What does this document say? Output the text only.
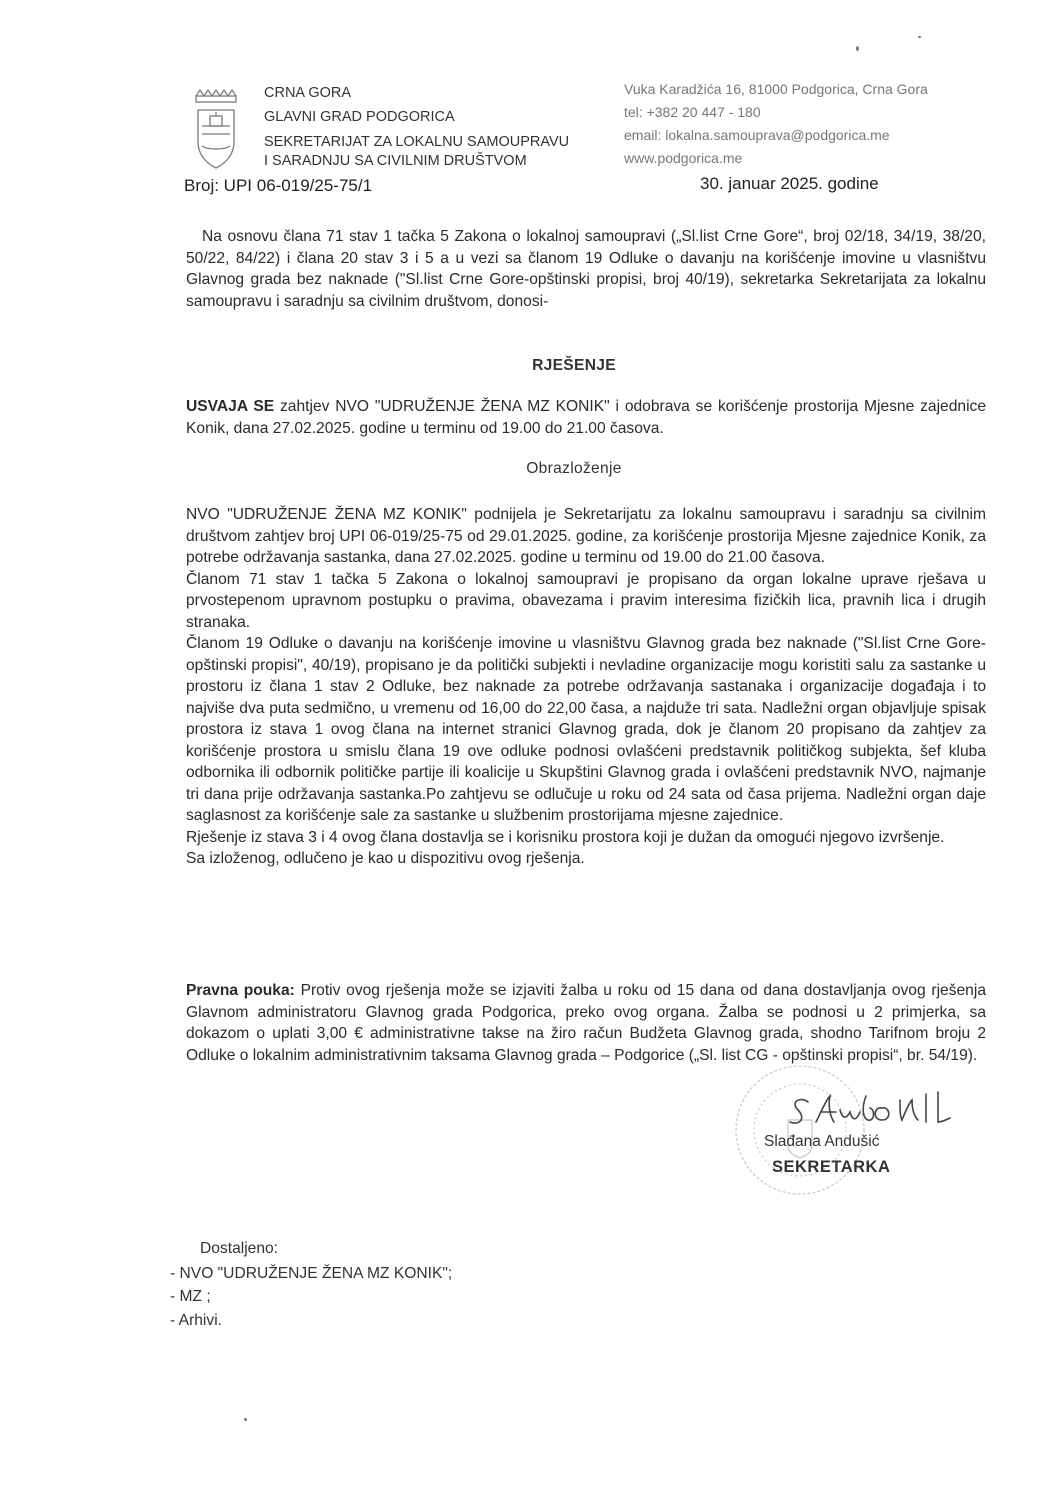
CRNA GORA
GLAVNI GRAD PODGORICA
SEKRETARIJAT ZA LOKALNU SAMOUPRAVU
I SARADNJU SA CIVILNIM DRUŠTVOM
Vuka Karadžića 16, 81000 Podgorica, Crna Gora
tel: +382 20 447 - 180
email: lokalna.samouprava@podgorica.me
www.podgorica.me
Broj: UPI 06-019/25-75/1	30. januar 2025. godine
Na osnovu člana 71 stav 1 tačka 5 Zakona o lokalnoj samoupravi („Sl.list Crne Gore“, broj 02/18, 34/19, 38/20, 50/22, 84/22) i člana 20 stav 3 i 5 a u vezi sa članom 19 Odluke o davanju na korišćenje imovine u vlasništvu Glavnog grada bez naknade ("Sl.list Crne Gore-opštinski propisi, broj 40/19), sekretarka Sekretarijata za lokalnu samoupravu i saradnju sa civilnim društvom, donosi-
RJEŠENJE
USVAJA SE zahtjev NVO "UDRUŽENJE ŽENA MZ KONIK" i odobrava se korišćenje prostorija Mjesne zajednice Konik, dana 27.02.2025. godine u terminu od 19.00 do 21.00 časova.
Obrazloženje
NVO "UDRUŽENJE ŽENA MZ KONIK" podnijela je Sekretarijatu za lokalnu samoupravu i saradnju sa civilnim društvom zahtjev broj UPI 06-019/25-75 od 29.01.2025. godine, za korišćenje prostorija Mjesne zajednice Konik, za potrebe održavanja sastanka, dana 27.02.2025. godine u terminu od 19.00 do 21.00 časova.
Članom 71 stav 1 tačka 5 Zakona o lokalnoj samoupravi je propisano da organ lokalne uprave rješava u prvostepenom upravnom postupku o pravima, obavezama i pravim interesima fizičkih lica, pravnih lica i drugih stranaka.
Članom 19 Odluke o davanju na korišćenje imovine u vlasništvu Glavnog grada bez naknade ("Sl.list Crne Gore-opštinski propisi", 40/19), propisano je da politički subjekti i nevladine organizacije mogu koristiti salu za sastanke u prostoru iz člana 1 stav 2 Odluke, bez naknade za potrebe održavanja sastanaka i organizacije događaja i to najviše dva puta sedmično, u vremenu od 16,00 do 22,00 časa, a najduže tri sata. Nadležni organ objavljuje spisak prostora iz stava 1 ovog člana na internet stranici Glavnog grada, dok je članom 20 propisano da zahtjev za korišćenje prostora u smislu člana 19 ove odluke podnosi ovlašćeni predstavnik političkog subjekta, šef kluba odbornika ili odbornik političke partije ili koalicije u Skupštini Glavnog grada i ovlašćeni predstavnik NVO, najmanje tri dana prije održavanja sastanka.Po zahtjevu se odlučuje u roku od 24 sata od časa prijema. Nadležni organ daje saglasnost za korišćenje sale za sastanke u službenim prostorijama mjesne zajednice.
Rješenje iz stava 3 i 4 ovog člana dostavlja se i korisniku prostora koji je dužan da omogući njegovo izvršenje.
Sa izloženog, odlučeno je kao u dispozitivu ovog rješenja.
Pravna pouka: Protiv ovog rješenja može se izjaviti žalba u roku od 15 dana od dana dostavljanja ovog rješenja Glavnom administratoru Glavnog grada Podgorica, preko ovog organa. Žalba se podnosi u 2 primjerka, sa dokazom o uplati 3,00 € administrativne takse na žiro račun Budžeta Glavnog grada, shodno Tarifnom broju 2 Odluke o lokalnim administrativnim taksama Glavnog grada – Podgorice („Sl. list CG - opštinski propisi“, br. 54/19).
Slađana Andušić
SEKRETARKA
Dostaljeno:
- NVO "UDRUŽENJE ŽENA MZ KONIK";
- MZ ;
- Arhivi.
